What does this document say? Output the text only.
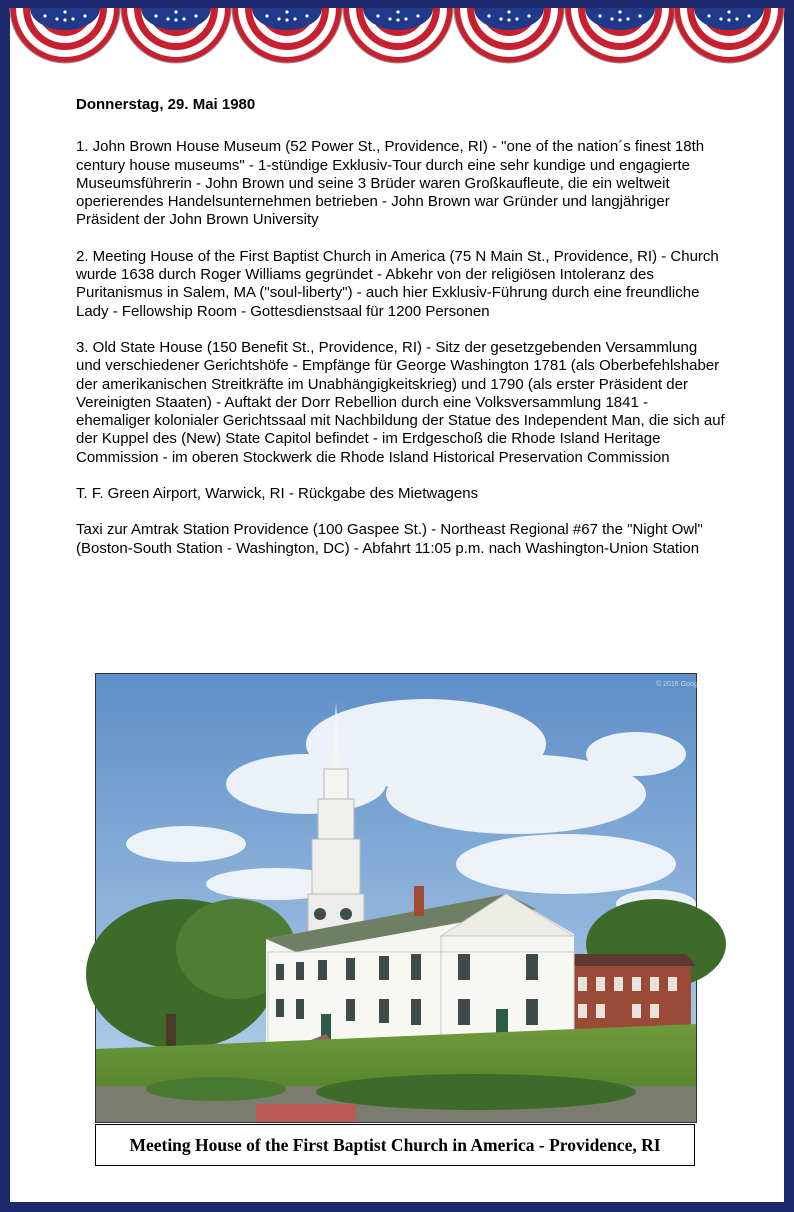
Donnerstag, 29. Mai 1980

1. John Brown House Museum (52 Power St., Providence, RI) - "one of the nation´s finest 18th century house museums" - 1-stündige Exklusiv-Tour durch eine sehr kundige und engagierte Museumsführerin - John Brown und seine 3 Brüder waren Großkaufleute, die ein weltweit operierendes Handelsunternehmen betrieben - John Brown war Gründer und langjähriger Präsident der John Brown University

2. Meeting House of the First Baptist Church in America (75 N Main St., Providence, RI) - Church wurde 1638 durch Roger Williams gegründet - Abkehr von der religiösen Intoleranz des Puritanismus in Salem, MA ("soul-liberty") - auch hier Exklusiv-Führung durch eine freundliche Lady - Fellowship Room - Gottesdienstsaal für 1200 Personen

3. Old State House (150 Benefit St., Providence, RI) - Sitz der gesetzgebenden Versammlung und verschiedener Gerichtshöfe - Empfänge für George Washington 1781 (als Oberbefehlshaber der amerikanischen Streitkräfte im Unabhängigkeitskrieg) und 1790 (als erster Präsident der Vereinigten Staaten) - Auftakt der Dorr Rebellion durch eine Volksversammlung 1841 - ehemaliger kolonialer Gerichtssaal mit Nachbildung der Statue des Independent Man, die sich auf der Kuppel des (New) State Capitol befindet - im Erdgeschoß die Rhode Island Heritage Commission - im oberen Stockwerk die Rhode Island Historical Preservation Commission

T. F. Green Airport, Warwick, RI - Rückgabe des Mietwagens

Taxi zur Amtrak Station Providence (100 Gaspee St.) - Northeast Regional #67 the "Night Owl" (Boston-South Station - Washington, DC) - Abfahrt 11:05 p.m. nach Washington-Union Station

© 2016 Google
Meeting House of the First Baptist Church in America - Providence, RI
